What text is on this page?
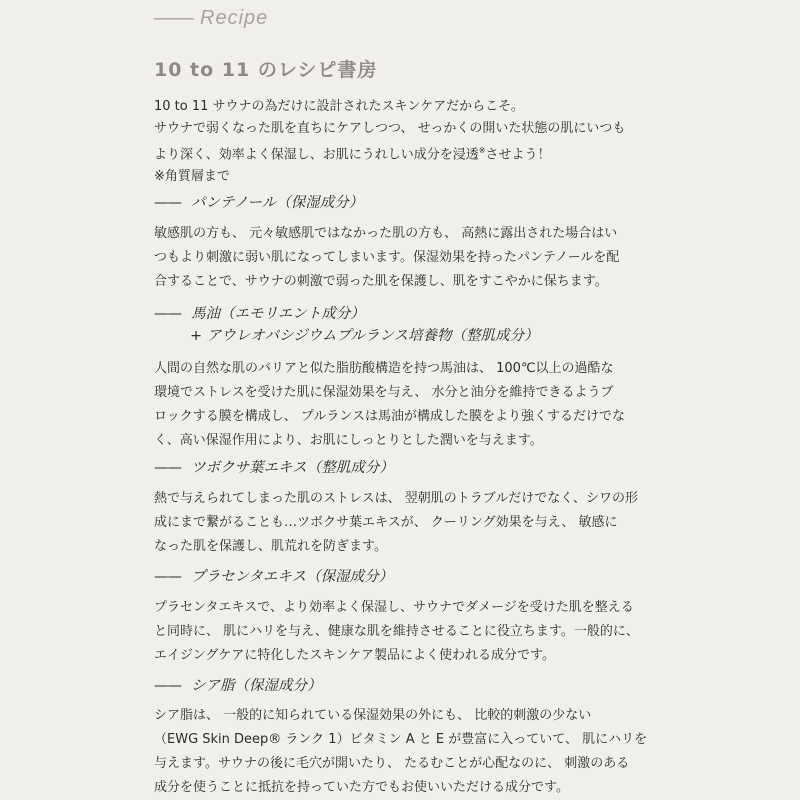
—— Recipe
10 to 11 のレシピ書房
10 to 11 サウナの為だけに設計されたスキンケアだからこそ。
サウナで弱くなった肌を直ちにケアしつつ、 せっかくの開いた状態の肌にいつも
より深く、効率よく保湿し、お肌にうれしい成分を浸透※させよう！
※角質層まで
—— パンテノール（保湿成分）
敏感肌の方も、 元々敏感肌ではなかった肌の方も、 高熱に露出された場合はい
つもより刺激に弱い肌になってしまいます。保湿効果を持ったパンテノールを配
合することで、サウナの刺激で弱った肌を保護し、肌をすこやかに保ちます。
—— 馬油（エモリエント成分）
+ アウレオバシジウムプルランス培養物（整肌成分）
人間の自然な肌のバリアと似た脂肪酸構造を持つ馬油は、 100℃以上の過酷な
環境でストレスを受けた肌に保湿効果を与え、 水分と油分を維持できるようブ
ロックする膜を構成し、 プルランスは馬油が構成した膜をより強くするだけでな
く、高い保湿作用により、お肌にしっとりとした潤いを与えます。
—— ツボクサ葉エキス（整肌成分）
熱で与えられてしまった肌のストレスは、 翌朝肌のトラブルだけでなく、シワの形
成にまで繋がることも…ツボクサ葉エキスが、 クーリング効果を与え、 敏感に
なった肌を保護し、肌荒れを防ぎます。
—— プラセンタエキス（保湿成分）
プラセンタエキスで、より効率よく保湿し、サウナでダメージを受けた肌を整える
と同時に、 肌にハリを与え、健康な肌を維持させることに役立ちます。一般的に、
エイジングケアに特化したスキンケア製品によく使われる成分です。
—— シア脂（保湿成分）
シア脂は、 一般的に知られている保湿効果の外にも、 比較的刺激の少ない
（EWG Skin Deep® ランク 1）ビタミン A と E が豊富に入っていて、 肌にハリを
与えます。サウナの後に毛穴が開いたり、 たるむことが心配なのに、 刺激のある
成分を使うことに抵抗を持っていた方でもお使いいただける成分です。
